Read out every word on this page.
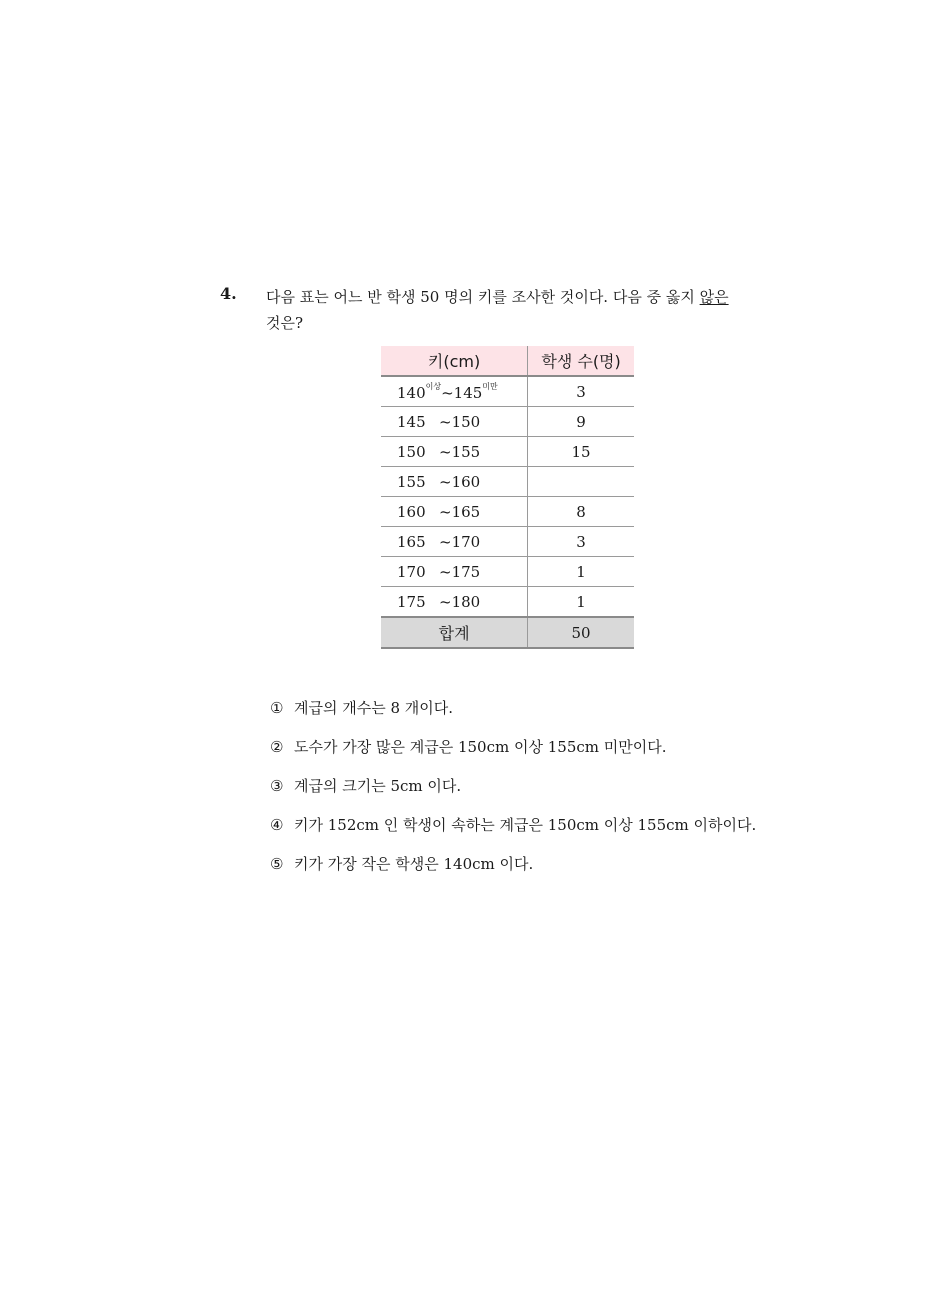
4. 다음 표는 어느 반 학생 50 명의 키를 조사한 것이다. 다음 중 옳지 않은
것은?
키(cm)	학생 수(명)
$140^{이상}\sim 145^{미만}$	3
145 ~150	9
150 ~155	15
155 ~160	
160 ~165	8
165 ~170	3
170 ~175	1
175 ~180	1
합계	50
① 계급의 개수는 8 개이다.
② 도수가 가장 많은 계급은 150cm 이상 155cm 미만이다.
③ 계급의 크기는 5cm 이다.
④ 키가 152cm 인 학생이 속하는 계급은 150cm 이상 155cm 이하이다.
⑤ 키가 가장 작은 학생은 140cm 이다.
